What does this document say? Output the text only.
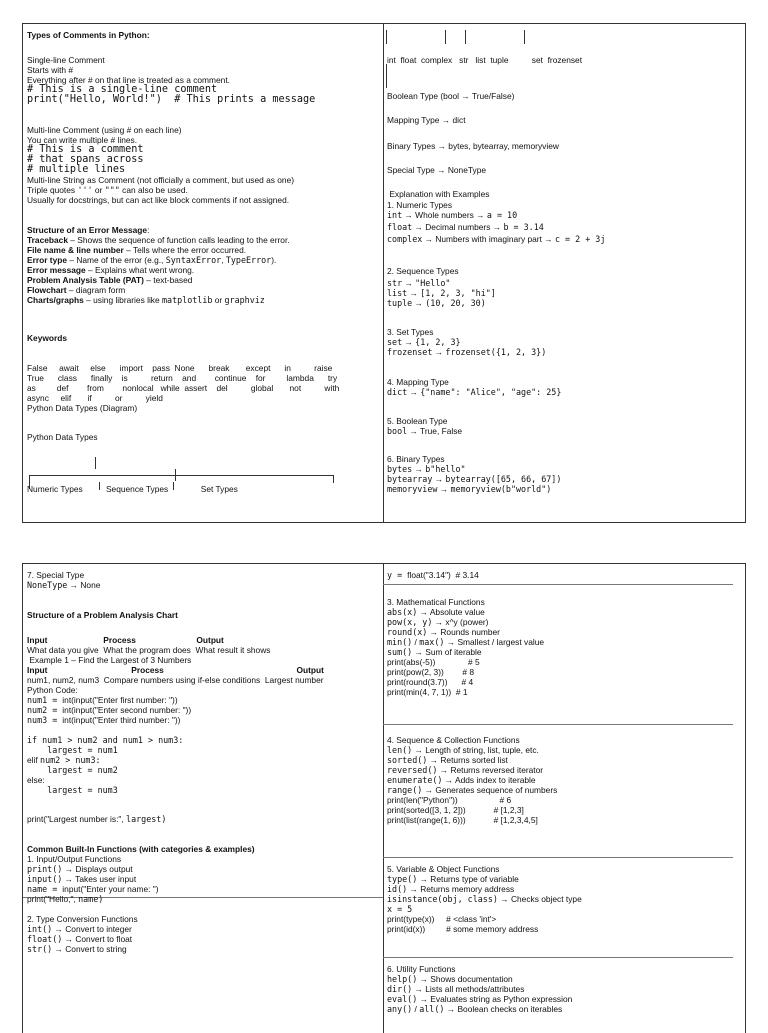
Types of Comments in Python:
Single-line Comment
Starts with #
Everything after # on that line is treated as a comment.
# This is a single-line comment
print("Hello, World!")  # This prints a message
Multi-line Comment (using # on each line)
You can write multiple # lines.
# This is a comment
# that spans across
# multiple lines
Multi-line String as Comment (not officially a comment, but used as one)
Triple quotes ''' or """ can also be used.
Usually for docstrings, but can act like block comments if not assigned.
Structure of an Error Message:
Traceback – Shows the sequence of function calls leading to the error.
File name & line number – Tells where the error occurred.
Error type – Name of the error (e.g., SyntaxError, TypeError).
Error message – Explains what went wrong.
Problem Analysis Table (PAT) – text-based
Flowchart – diagram form
Charts/graphs – using libraries like matplotlib or graphviz
Keywords
False     await     else      import    pass  None      break       except      in          raise
True      class      finally    is          return    and        continue    for         lambda      try
as         def        from        nonlocal   while  assert    del          global       not          with
async     elif       if          or          yield
Python Data Types (Diagram)
Python Data Types
Numeric Types          Sequence Types              Set Types
int  float  complex   str   list  tuple          set  frozenset
Boolean Type (bool → True/False)
Mapping Type → dict
Binary Types → bytes, bytearray, memoryview
Special Type → NoneType
Explanation with Examples
1. Numeric Types
int → Whole numbers → a = 10
float → Decimal numbers → b = 3.14
complex → Numbers with imaginary part → c = 2 + 3j
2. Sequence Types
str → "Hello"
list → [1, 2, 3, "hi"]
tuple → (10, 20, 30)
3. Set Types
set → {1, 2, 3}
frozenset → frozenset({1, 2, 3})
4. Mapping Type
dict → {"name": "Alice", "age": 25}
5. Boolean Type
bool → True, False
6. Binary Types
bytes → b"hello"
bytearray → bytearray([65, 66, 67])
memoryview → memoryview(b"world")
7. Special Type
NoneType → None
Structure of a Problem Analysis Chart
Input                        Process                          Output
What data you give  What the program does  What result it shows
Example 1 – Find the Largest of 3 Numbers
Input                                    Process                                                         Output
num1, num2, num3  Compare numbers using if-else conditions  Largest number
Python Code:
num1 = int(input("Enter first number: "))
num2 = int(input("Enter second number: "))
num3 = int(input("Enter third number: "))
if num1 > num2 and num1 > num3:
largest = num1
elif num2 > num3:
largest = num2
else:
largest = num3
print("Largest number is:", largest)
Common Built-In Functions (with categories & examples)
1. Input/Output Functions
print() → Displays output
input() → Takes user input
name = input("Enter your name: ")
print("Hello,", name)
2. Type Conversion Functions
int() → Convert to integer
float() → Convert to float
str() → Convert to string
y = float("3.14")  # 3.14
3. Mathematical Functions
abs(x) → Absolute value
pow(x, y) → x^y (power)
round(x) → Rounds number
min() / max() → Smallest / largest value
sum() → Sum of iterable
print(abs(-5))              # 5
print(pow(2, 3))        # 8
print(round(3.7))      # 4
print(min(4, 7, 1))  # 1
4. Sequence & Collection Functions
len() → Length of string, list, tuple, etc.
sorted() → Returns sorted list
reversed() → Returns reversed iterator
enumerate() → Adds index to iterable
range() → Generates sequence of numbers
print(len("Python"))                  # 6
print(sorted([3, 1, 2]))            # [1,2,3]
print(list(range(1, 6)))            # [1,2,3,4,5]
5. Variable & Object Functions
type() → Returns type of variable
id() → Returns memory address
isinstance(obj, class) → Checks object type
x = 5
print(type(x))     # <class 'int'>
print(id(x))         # some memory address
6. Utility Functions
help() → Shows documentation
dir() → Lists all methods/attributes
eval() → Evaluates string as Python expression
any() / all() → Boolean checks on iterables
